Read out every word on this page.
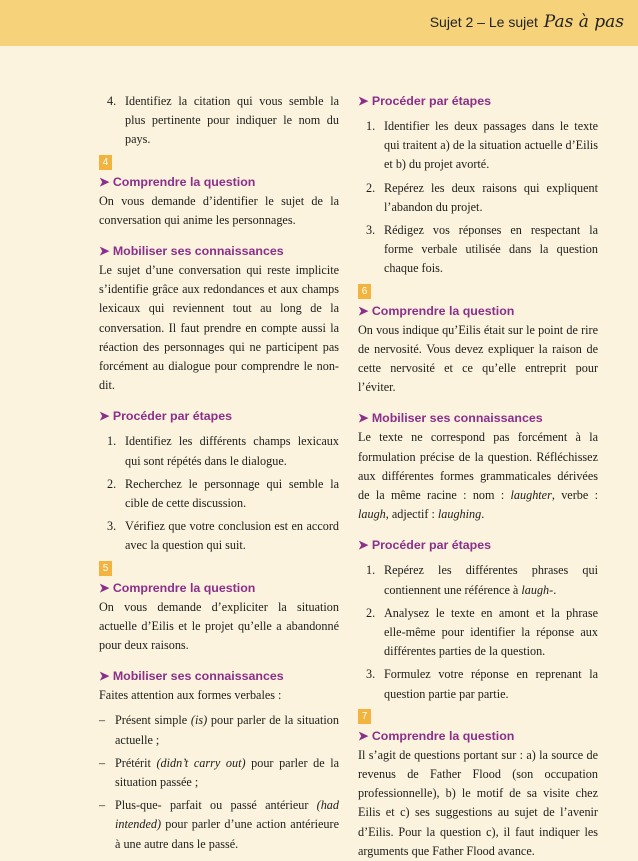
Sujet 2 – Le sujet Pas à pas
4. Identifiez la citation qui vous semble la plus pertinente pour indiquer le nom du pays.
4
➤ Comprendre la question

On vous demande d’identifier le sujet de la conversation qui anime les personnages.

➤ Mobiliser ses connaissances

Le sujet d’une conversation qui reste implicite s’identifie grâce aux redondances et aux champs lexicaux qui reviennent tout au long de la conversation. Il faut prendre en compte aussi la réaction des personnages qui ne participent pas forcément au dialogue pour comprendre le non-dit.

➤ Procéder par étapes
1. Identifiez les différents champs lexicaux qui sont répétés dans le dialogue.
2. Recherchez le personnage qui semble la cible de cette discussion.
3. Vérifiez que votre conclusion est en accord avec la question qui suit.
5
➤ Comprendre la question

On vous demande d’expliciter la situation actuelle d’Eilis et le projet qu’elle a abandonné pour deux raisons.

➤ Mobiliser ses connaissances

Faites attention aux formes verbales :

– Présent simple (is) pour parler de la situation actuelle ;
– Prétérit (didn’t carry out) pour parler de la situation passée ;
– Plus-que- parfait ou passé antérieur (had intended) pour parler d’une action antérieure à une autre dans le passé.
➤ Procéder par étapes
1. Identifier les deux passages dans le texte qui traitent a) de la situation actuelle d’Eilis et b) du projet avorté.
2. Repérez les deux raisons qui expliquent l’abandon du projet.
3. Rédigez vos réponses en respectant la forme verbale utilisée dans la question chaque fois.
6
➤ Comprendre la question

On vous indique qu’Eilis était sur le point de rire de nervosité. Vous devez expliquer la raison de cette nervosité et ce qu’elle entreprit pour l’éviter.

➤ Mobiliser ses connaissances

Le texte ne correspond pas forcément à la formulation précise de la question. Réfléchissez aux différentes formes grammaticales dérivées de la même racine : nom : laughter, verbe : laugh, adjectif : laughing.

➤ Procéder par étapes
1. Repérez les différentes phrases qui contiennent une référence à laugh-.
2. Analysez le texte en amont et la phrase elle-même pour identifier la réponse aux différentes parties de la question.
3. Formulez votre réponse en reprenant la question partie par partie.
7
➤ Comprendre la question

Il s’agit de questions portant sur : a) la source de revenus de Father Flood (son occupation professionnelle), b) le motif de sa visite chez Eilis et c) ses suggestions au sujet de l’avenir d’Eilis. Pour la question c), il faut indiquer les arguments que Father Flood avance.
